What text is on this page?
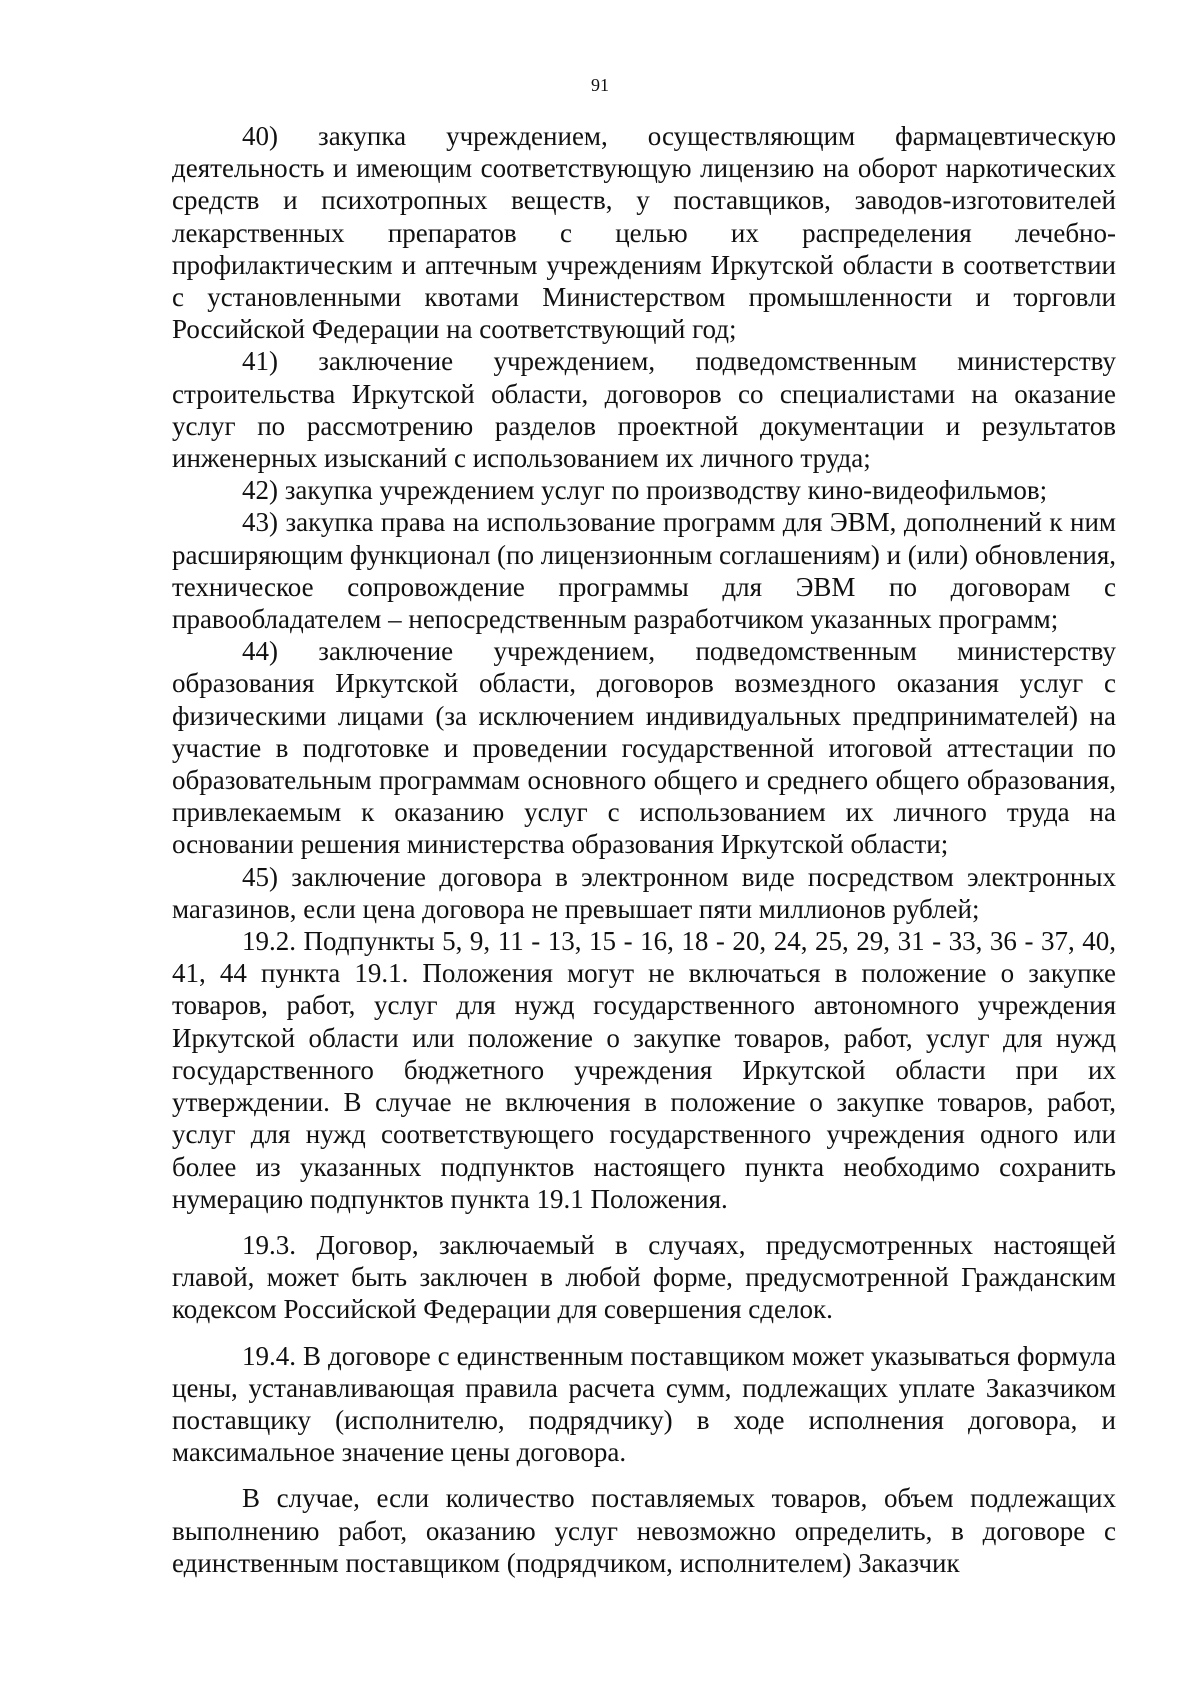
91

40) закупка учреждением, осуществляющим фармацевтическую деятельность и имеющим соответствующую лицензию на оборот наркотических средств и психотропных веществ, у поставщиков, заводов-изготовителей лекарственных препаратов с целью их распределения лечебно-профилактическим и аптечным учреждениям Иркутской области в соответствии с установленными квотами Министерством промышленности и торговли Российской Федерации на соответствующий год;

41) заключение учреждением, подведомственным министерству строительства Иркутской области, договоров со специалистами на оказание услуг по рассмотрению разделов проектной документации и результатов инженерных изысканий с использованием их личного труда;

42) закупка учреждением услуг по производству кино-видеофильмов;

43) закупка права на использование программ для ЭВМ, дополнений к ним расширяющим функционал (по лицензионным соглашениям) и (или) обновления, техническое сопровождение программы для ЭВМ по договорам с правообладателем – непосредственным разработчиком указанных программ;

44) заключение учреждением, подведомственным министерству образования Иркутской области, договоров возмездного оказания услуг с физическими лицами (за исключением индивидуальных предпринимателей) на участие в подготовке и проведении государственной итоговой аттестации по образовательным программам основного общего и среднего общего образования, привлекаемым к оказанию услуг с использованием их личного труда на основании решения министерства образования Иркутской области;

45) заключение договора в электронном виде посредством электронных магазинов, если цена договора не превышает пяти миллионов рублей;

19.2. Подпункты 5, 9, 11 - 13, 15 - 16, 18 - 20, 24, 25, 29, 31 - 33, 36 - 37, 40, 41, 44 пункта 19.1. Положения могут не включаться в положение о закупке товаров, работ, услуг для нужд государственного автономного учреждения Иркутской области или положение о закупке товаров, работ, услуг для нужд государственного бюджетного учреждения Иркутской области при их утверждении. В случае не включения в положение о закупке товаров, работ, услуг для нужд соответствующего государственного учреждения одного или более из указанных подпунктов настоящего пункта необходимо сохранить нумерацию подпунктов пункта 19.1 Положения.

19.3. Договор, заключаемый в случаях, предусмотренных настоящей главой, может быть заключен в любой форме, предусмотренной Гражданским кодексом Российской Федерации для совершения сделок.

19.4. В договоре с единственным поставщиком может указываться формула цены, устанавливающая правила расчета сумм, подлежащих уплате Заказчиком поставщику (исполнителю, подрядчику) в ходе исполнения договора, и максимальное значение цены договора.

В случае, если количество поставляемых товаров, объем подлежащих выполнению работ, оказанию услуг невозможно определить, в договоре с единственным поставщиком (подрядчиком, исполнителем) Заказчик
